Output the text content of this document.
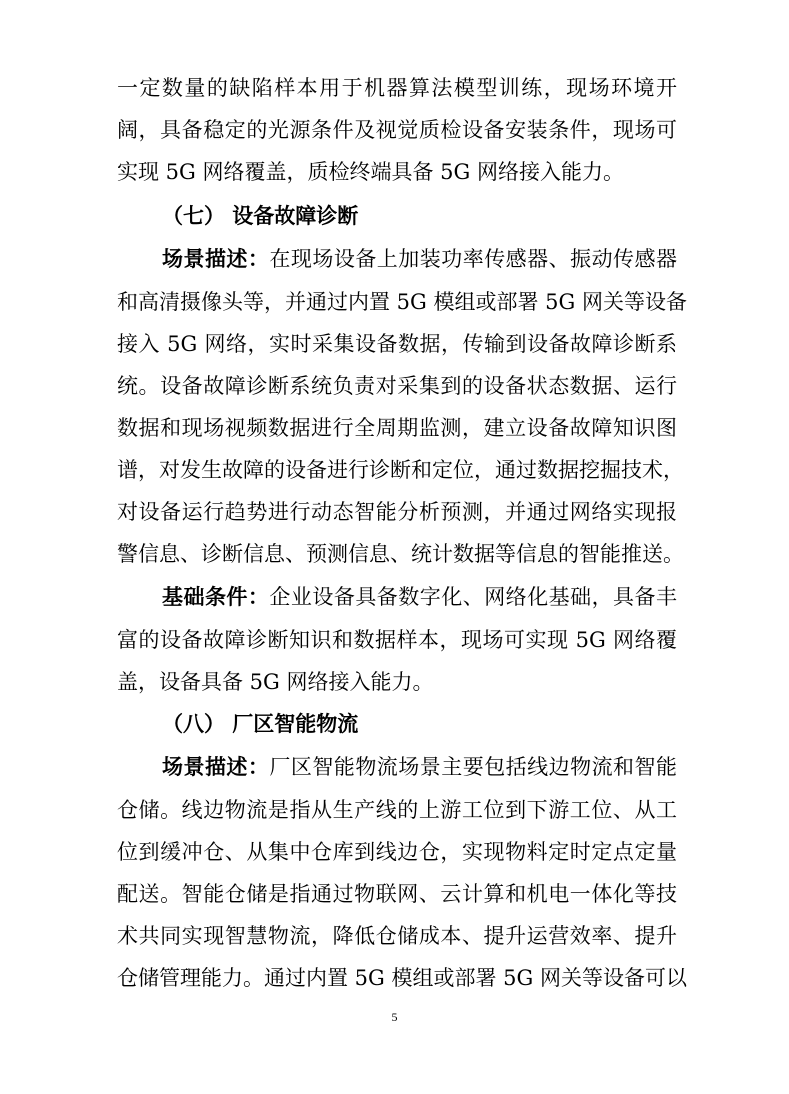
一定数量的缺陷样本用于机器算法模型训练，现场环境开
阔，具备稳定的光源条件及视觉质检设备安装条件，现场可
实现 5G 网络覆盖，质检终端具备 5G 网络接入能力。
（七） 设备故障诊断
场景描述：在现场设备上加装功率传感器、振动传感器
和高清摄像头等，并通过内置 5G 模组或部署 5G 网关等设备
接入 5G 网络，实时采集设备数据，传输到设备故障诊断系
统。设备故障诊断系统负责对采集到的设备状态数据、运行
数据和现场视频数据进行全周期监测，建立设备故障知识图
谱，对发生故障的设备进行诊断和定位，通过数据挖掘技术，
对设备运行趋势进行动态智能分析预测，并通过网络实现报
警信息、诊断信息、预测信息、统计数据等信息的智能推送。
基础条件：企业设备具备数字化、网络化基础，具备丰
富的设备故障诊断知识和数据样本，现场可实现 5G 网络覆
盖，设备具备 5G 网络接入能力。
（八） 厂区智能物流
场景描述：厂区智能物流场景主要包括线边物流和智能
仓储。线边物流是指从生产线的上游工位到下游工位、从工
位到缓冲仓、从集中仓库到线边仓，实现物料定时定点定量
配送。智能仓储是指通过物联网、云计算和机电一体化等技
术共同实现智慧物流，降低仓储成本、提升运营效率、提升
仓储管理能力。通过内置 5G 模组或部署 5G 网关等设备可以
5
